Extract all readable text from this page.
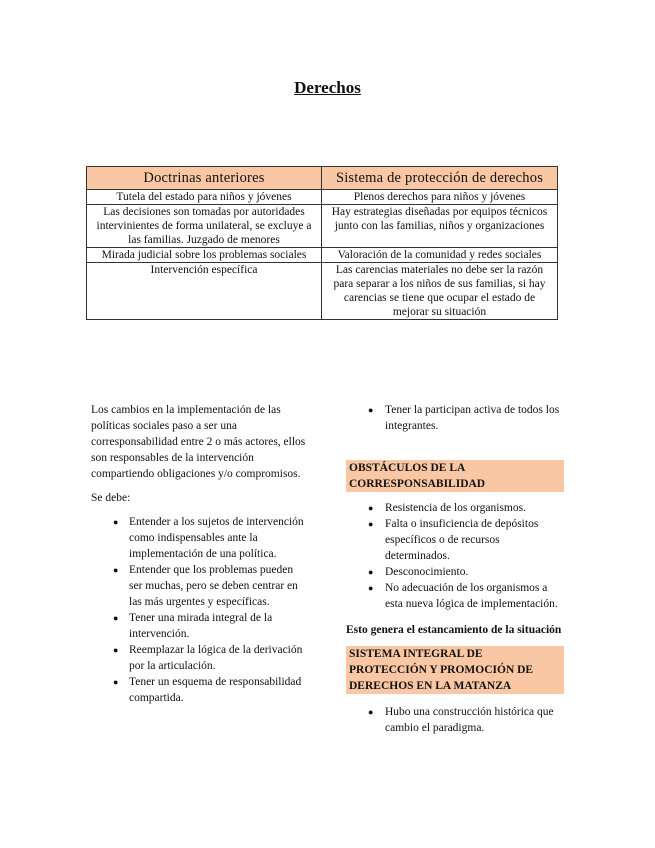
Derechos
Doctrinas anteriores	Sistema de protección de derechos
Tutela del estado para niños y jóvenes	Plenos derechos para niños y jóvenes
Las decisiones son tomadas por autoridades intervinientes de forma unilateral, se excluye a las familias. Juzgado de menores	Hay estrategias diseñadas por equipos técnicos junto con las familias, niños y organizaciones
Mirada judicial sobre los problemas sociales	Valoración de la comunidad y redes sociales
Intervención específica	Las carencias materiales no debe ser la razón para separar a los niños de sus familias, si hay carencias se tiene que ocupar el estado de mejorar su situación

Los cambios en la implementación de las políticas sociales paso a ser una corresponsabilidad entre 2 o más actores, ellos son responsables de la intervención compartiendo obligaciones y/o compromisos.

Se debe:

● Entender a los sujetos de intervención como indispensables ante la implementación de una política.
● Entender que los problemas pueden ser muchas, pero se deben centrar en las más urgentes y específicas.
● Tener una mirada integral de la intervención.
● Reemplazar la lógica de la derivación por la articulación.
● Tener un esquema de responsabilidad compartida.
● Tener la participan activa de todos los integrantes.
OBSTÁCULOS DE LA CORRESPONSABILIDAD
● Resistencia de los organismos.
● Falta o insuficiencia de depósitos específicos o de recursos determinados.
● Desconocimiento.
● No adecuación de los organismos a esta nueva lógica de implementación.
Esto genera el estancamiento de la situación
SISTEMA INTEGRAL DE PROTECCIÓN Y PROMOCIÓN DE DERECHOS EN LA MATANZA
● Hubo una construcción histórica que cambio el paradigma.
